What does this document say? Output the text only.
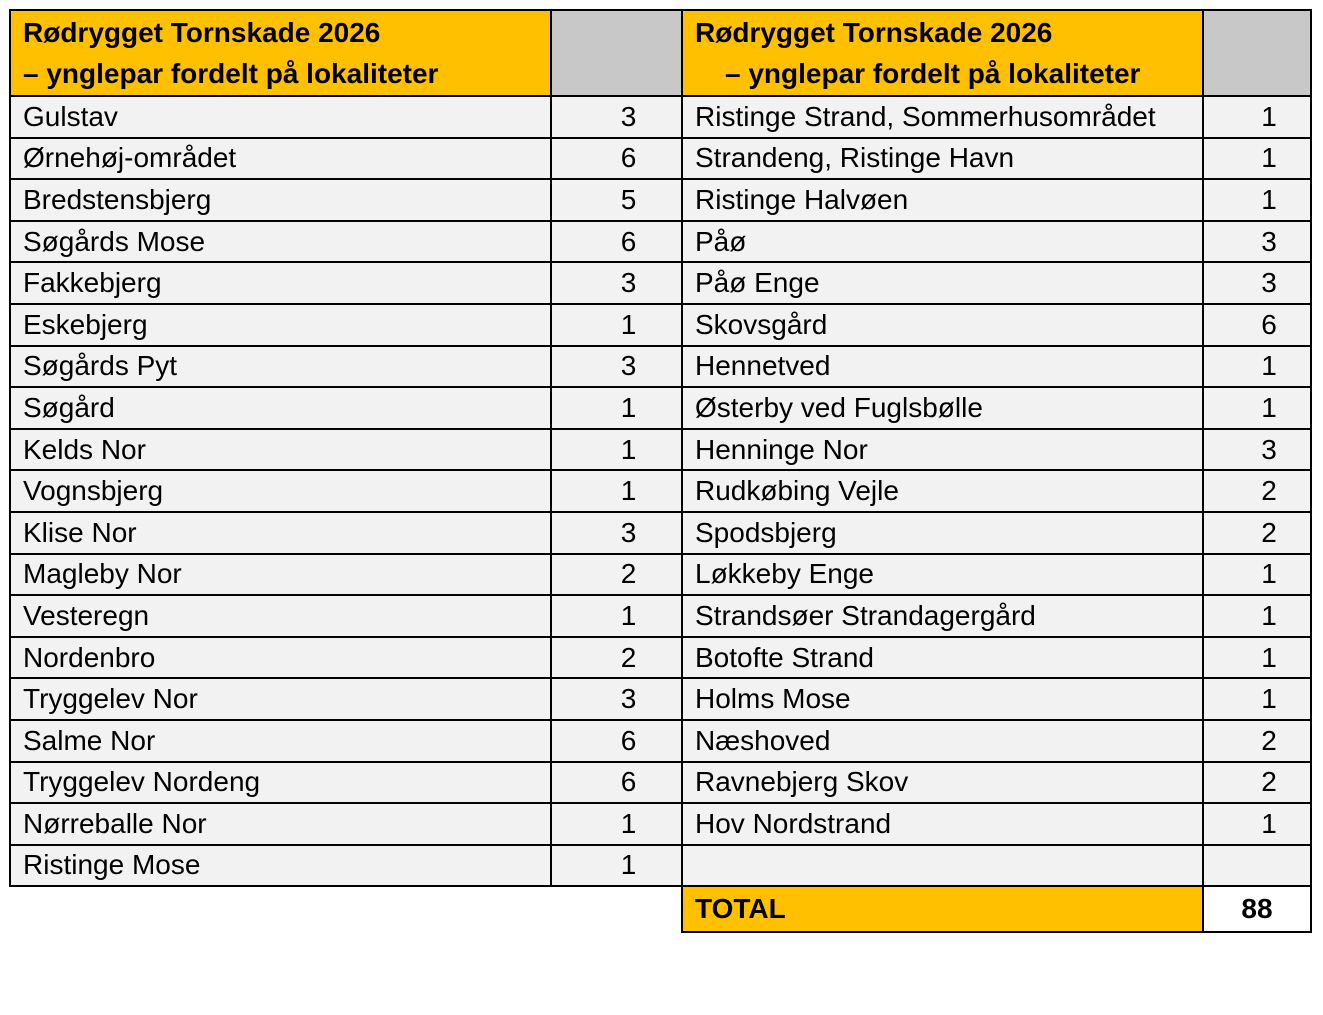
Rødrygget Tornskade 2026
– ynglepar fordelt på lokaliteter	

Gulstav	3
Ørnehøj-området	6
Bredstensbjerg	5
Søgårds Mose	6
Fakkebjerg	3
Eskebjerg	1
Søgårds Pyt	3
Søgård	1
Kelds Nor	1
Vognsbjerg	1
Klise Nor	3
Magleby Nor	2
Vesteregn	1
Nordenbro	2
Tryggelev Nor	3
Salme Nor	6
Tryggelev Nordeng	6
Nørreballe Nor	1
Ristinge Mose	1
Rødrygget Tornskade 2026
– ynglepar fordelt på lokaliteter	

Ristinge Strand, Sommerhusområdet	1
Strandeng, Ristinge Havn	1
Ristinge Halvøen	1
Påø	3
Påø Enge	3
Skovsgård	6
Hennetved	1
Østerby ved Fuglsbølle	1
Henninge Nor	3
Rudkøbing Vejle	2
Spodsbjerg	2
Løkkeby Enge	1
Strandsøer Strandagergård	1
Botofte Strand	1
Holms Mose	1
Næshoved	2
Ravnebjerg Skov	2
Hov Nordstrand	1

TOTAL	88
